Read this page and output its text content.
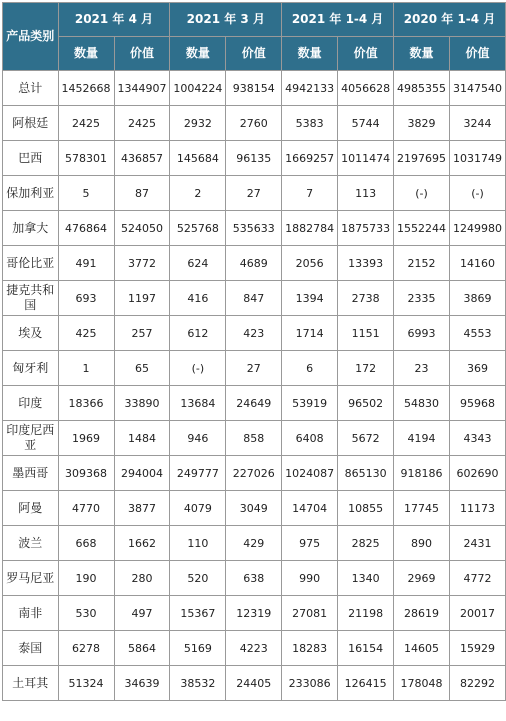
产品类别	2021 年 4 月		2021 年 3 月		2021 年 1-4 月		2020 年 1-4 月	
	数量	价值	数量	价值	数量	价值	数量	价值
总计	1452668	1344907	1004224	938154	4942133	4056628	4985355	3147540
阿根廷	2425	2425	2932	2760	5383	5744	3829	3244
巴西	578301	436857	145684	96135	1669257	1011474	2197695	1031749
保加利亚	5	87	2	27	7	113	(-)	(-)
加拿大	476864	524050	525768	535633	1882784	1875733	1552244	1249980
哥伦比亚	491	3772	624	4689	2056	13393	2152	14160
捷克共和国	693	1197	416	847	1394	2738	2335	3869
埃及	425	257	612	423	1714	1151	6993	4553
匈牙利	1	65	(-)	27	6	172	23	369
印度	18366	33890	13684	24649	53919	96502	54830	95968
印度尼西亚	1969	1484	946	858	6408	5672	4194	4343
墨西哥	309368	294004	249777	227026	1024087	865130	918186	602690
阿曼	4770	3877	4079	3049	14704	10855	17745	11173
波兰	668	1662	110	429	975	2825	890	2431
罗马尼亚	190	280	520	638	990	1340	2969	4772
南非	530	497	15367	12319	27081	21198	28619	20017
泰国	6278	5864	5169	4223	18283	16154	14605	15929
土耳其	51324	34639	38532	24405	233086	126415	178048	82292
